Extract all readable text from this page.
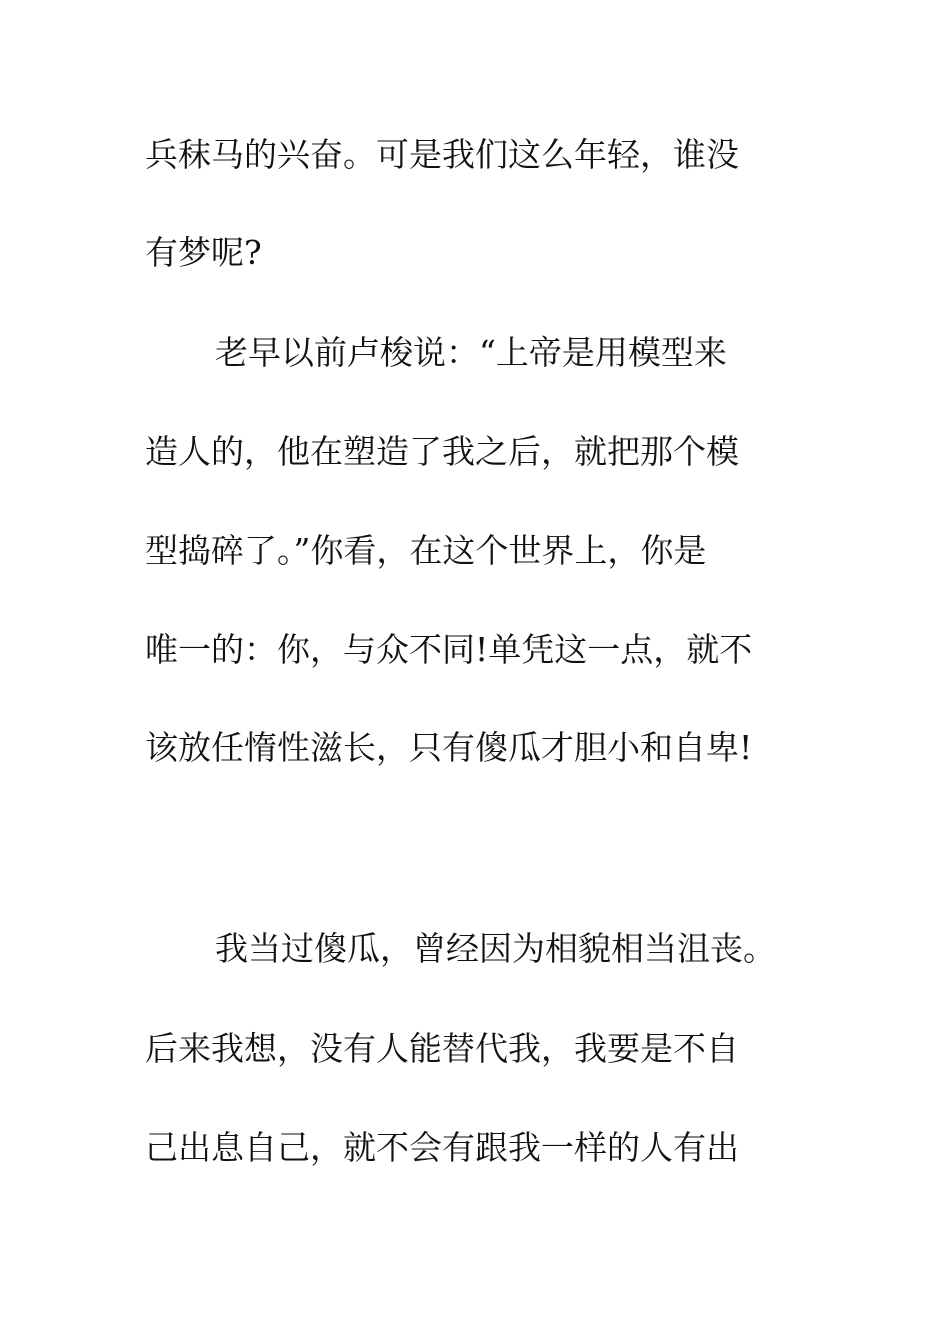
兵秣马的兴奋。可是我们这么年轻，谁没
有梦呢?
老早以前卢梭说：“上帝是用模型来
造人的，他在塑造了我之后，就把那个模
型捣碎了。”你看，在这个世界上，你是
唯一的：你，与众不同!单凭这一点，就不
该放任惰性滋长，只有傻瓜才胆小和自卑!
我当过傻瓜，曾经因为相貌相当沮丧。
后来我想，没有人能替代我，我要是不自
己出息自己，就不会有跟我一样的人有出
